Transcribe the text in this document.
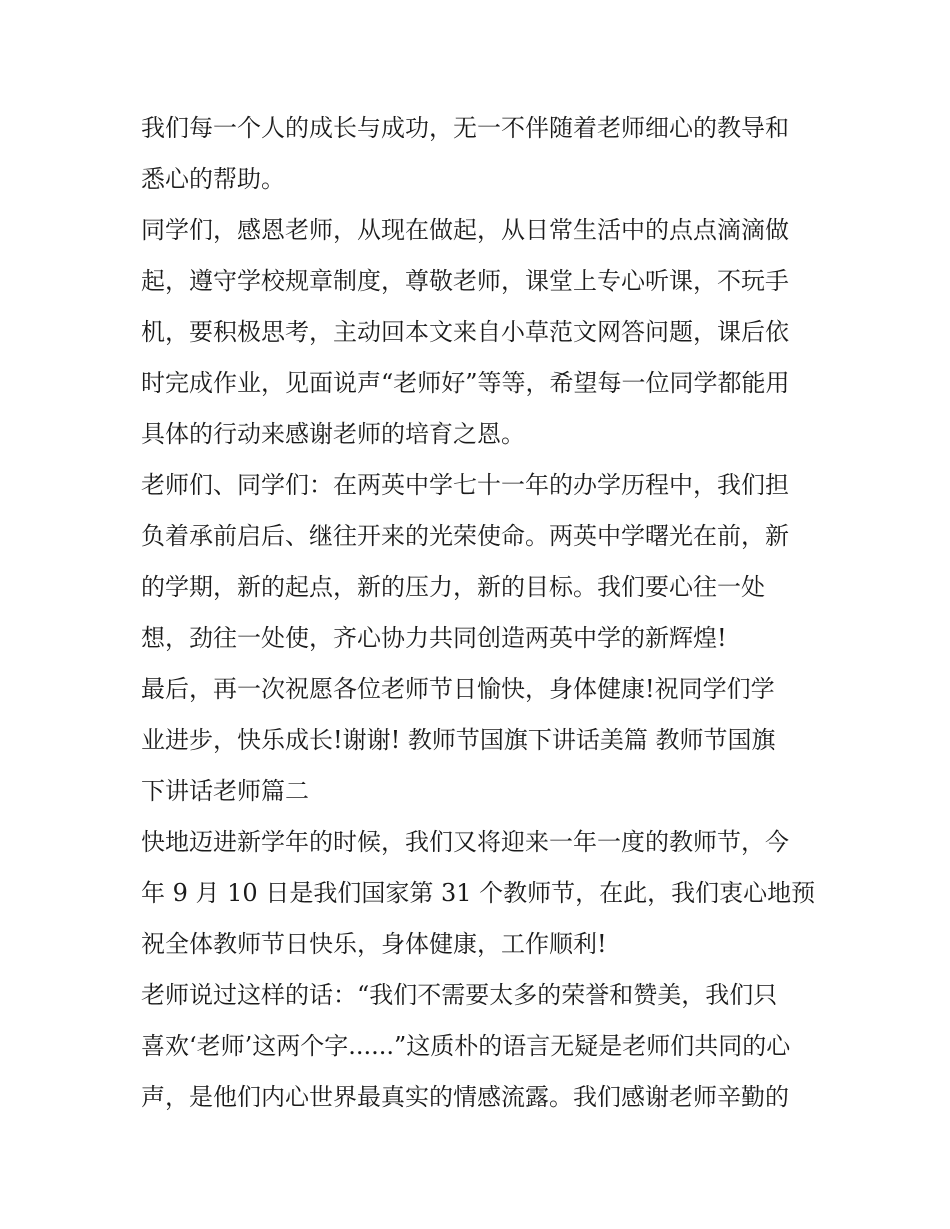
我们每一个人的成长与成功，无一不伴随着老师细心的教导和
悉心的帮助。
同学们，感恩老师，从现在做起，从日常生活中的点点滴滴做
起，遵守学校规章制度，尊敬老师，课堂上专心听课，不玩手
机，要积极思考，主动回本文来自小草范文网答问题，课后依
时完成作业，见面说声“老师好”等等，希望每一位同学都能用
具体的行动来感谢老师的培育之恩。
老师们、同学们：在两英中学七十一年的办学历程中，我们担
负着承前启后、继往开来的光荣使命。两英中学曙光在前，新
的学期，新的起点，新的压力，新的目标。我们要心往一处
想，劲往一处使，齐心协力共同创造两英中学的新辉煌!
最后，再一次祝愿各位老师节日愉快，身体健康!祝同学们学
业进步，快乐成长!谢谢! 教师节国旗下讲话美篇 教师节国旗
下讲话老师篇二
快地迈进新学年的时候，我们又将迎来一年一度的教师节，今
年 9 月 10 日是我们国家第 31 个教师节，在此，我们衷心地预
祝全体教师节日快乐，身体健康，工作顺利!
老师说过这样的话：“我们不需要太多的荣誉和赞美，我们只
喜欢‘老师’这两个字......”这质朴的语言无疑是老师们共同的心
声，是他们内心世界最真实的情感流露。我们感谢老师辛勤的
